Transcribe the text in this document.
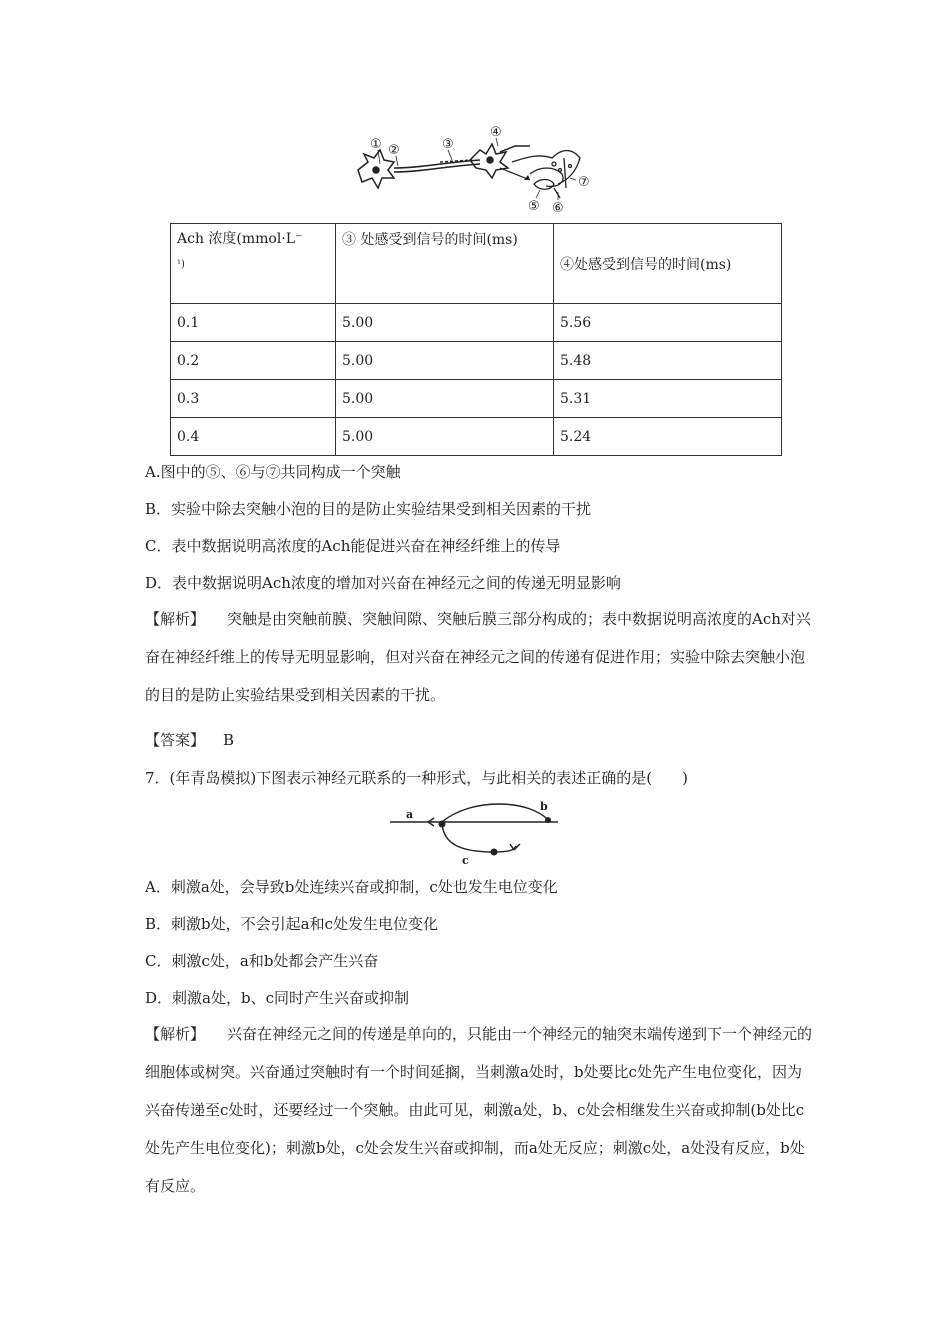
① ②	③
④
⑤ ⑥
⑦
Ach 浓度(mmol·L⁻
$^{^1)}$	③ 处感受到信号的时间(ms)	④处感受到信号的时间(ms)
0.1	5.00	5.56
0.2	5.00	5.48
0.3	5.00	5.31
0.4	5.00	5.24
A.图中的⑤、⑥与⑦共同构成一个突触
B．实验中除去突触小泡的目的是防止实验结果受到相关因素的干扰
C．表中数据说明高浓度的Ach能促进兴奋在神经纤维上的传导
D．表中数据说明Ach浓度的增加对兴奋在神经元之间的传递无明显影响
【解析】 突触是由突触前膜、突触间隙、突触后膜三部分构成的；表中数据说明高浓度的Ach对兴奋在神经纤维上的传导无明显影响，但对兴奋在神经元之间的传递有促进作用；实验中除去突触小泡的目的是防止实验结果受到相关因素的干扰。
【答案】 B
7．(年青岛模拟)下图表示神经元联系的一种形式，与此相关的表述正确的是(　　)
a
b
c
A．刺激a处，会导致b处连续兴奋或抑制，c处也发生电位变化
B．刺激b处，不会引起a和c处发生电位变化
C．刺激c处，a和b处都会产生兴奋
D．刺激a处，b、c同时产生兴奋或抑制
【解析】 兴奋在神经元之间的传递是单向的，只能由一个神经元的轴突末端传递到下一个神经元的细胞体或树突。兴奋通过突触时有一个时间延搁，当刺激a处时，b处要比c处先产生电位变化，因为兴奋传递至c处时，还要经过一个突触。由此可见，刺激a处，b、c处会相继发生兴奋或抑制(b处比c处先产生电位变化)；刺激b处，c处会发生兴奋或抑制，而a处无反应；刺激c处，a处没有反应，b处有反应。
